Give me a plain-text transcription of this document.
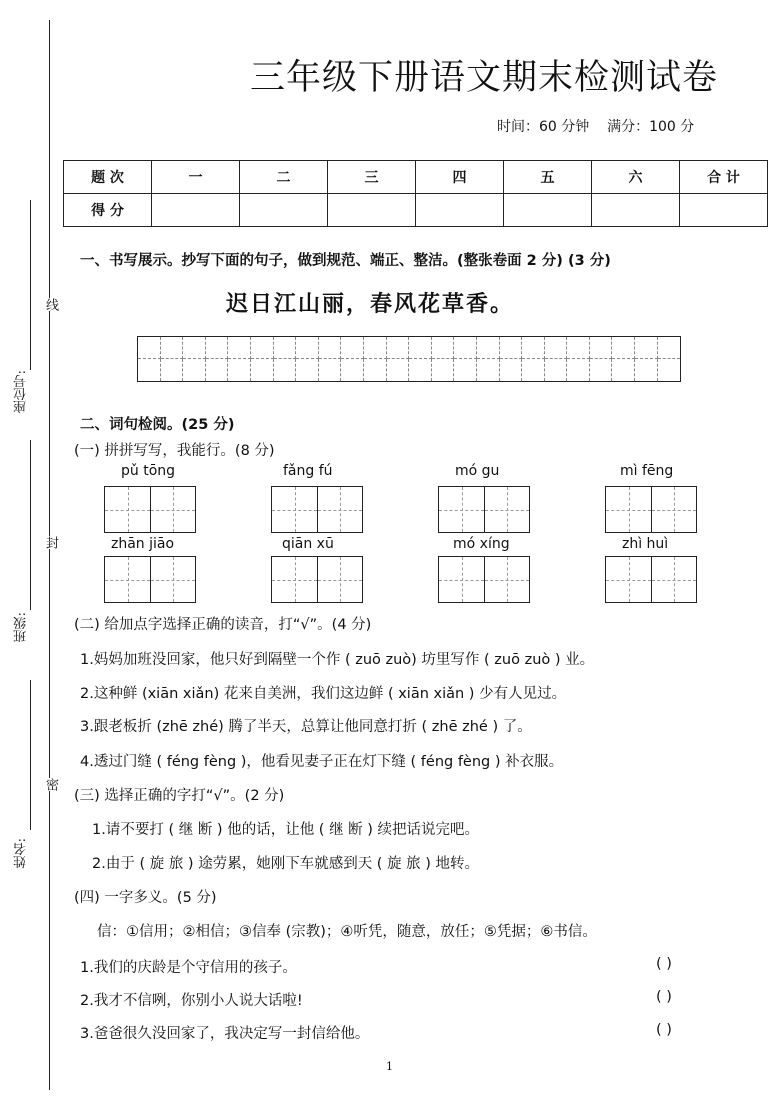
线
封
密
座位号:
班级:
姓名:
三年级下册语文期末检测试卷
时间：60 分钟 满分：100 分
题 次	一	二	三	四	五	六	合 计
得 分							
一、书写展示。抄写下面的句子，做到规范、端正、整洁。(整张卷面 2 分) (3 分)
迟日江山丽，春风花草香。
二、词句检阅。(25 分)
(一) 拼拼写写，我能行。(8 分)
pǔ tōng	fǎng fú	mó gu	mì fēng
zhān jiāo	qiān xū	mó xíng	zhì huì
(二) 给加点字选择正确的读音，打“√”。(4 分)
1.妈妈加班没回家，他只好到隔壁一个作 ( zuō zuò) 坊里写作 ( zuō zuò ) 业。
2.这种鲜 (xiān xiǎn) 花来自美洲，我们这边鲜 ( xiān xiǎn ) 少有人见过。
3.跟老板折 (zhē zhé) 腾了半天，总算让他同意打折 ( zhē zhé ) 了。
4.透过门缝 ( féng fèng )，他看见妻子正在灯下缝 ( féng fèng ) 补衣服。
(三) 选择正确的字打“√”。(2 分)
1.请不要打 ( 继 断 ) 他的话，让他 ( 继 断 ) 续把话说完吧。
2.由于 ( 旋 旅 ) 途劳累，她刚下车就感到天 ( 旋 旅 ) 地转。
(四) 一字多义。(5 分)
信：①信用；②相信；③信奉 (宗教)；④听凭，随意，放任；⑤凭据；⑥书信。
1.我们的庆龄是个守信用的孩子。	( )
2.我才不信咧，你别小人说大话啦!	( )
3.爸爸很久没回家了，我决定写一封信给他。	( )
1
